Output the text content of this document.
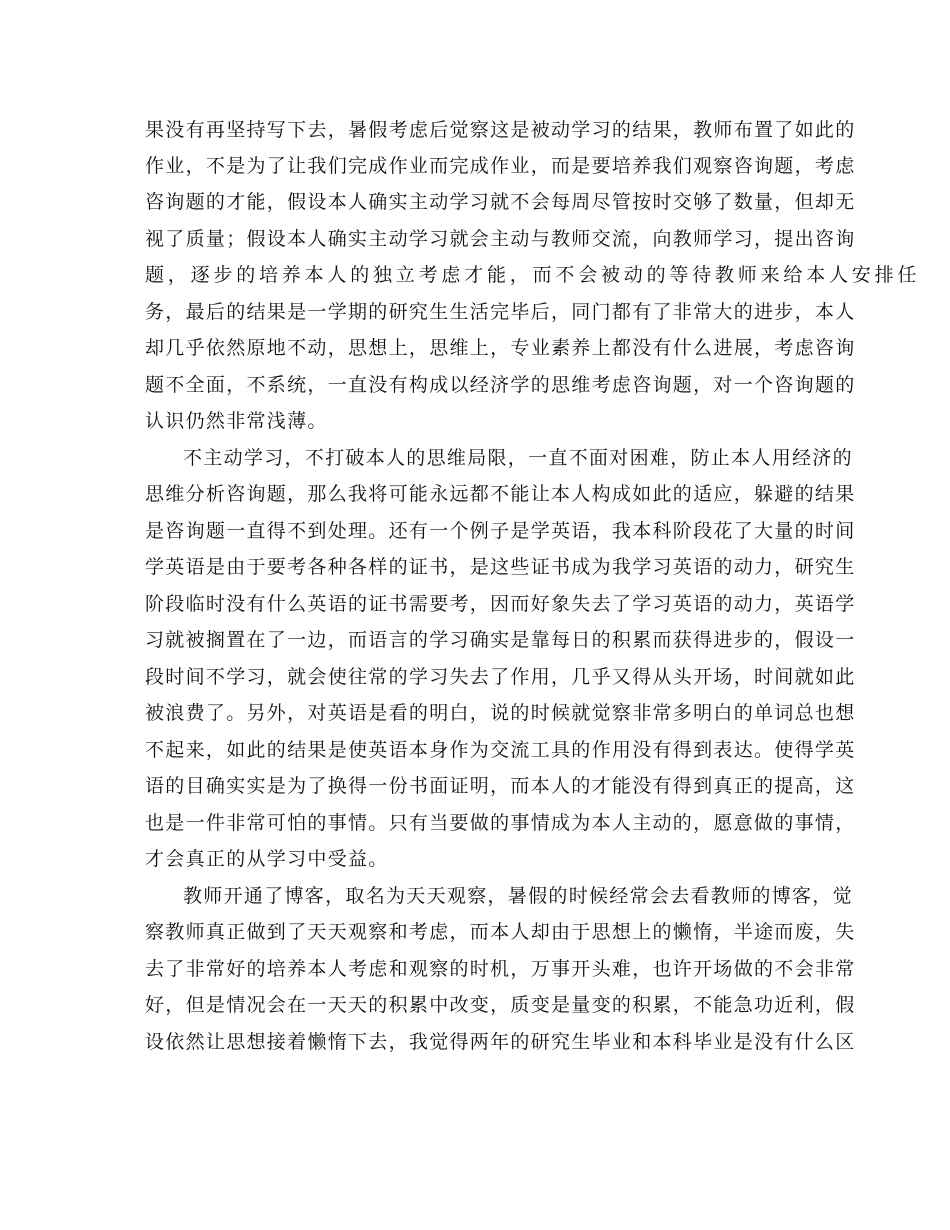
果没有再坚持写下去，暑假考虑后觉察这是被动学习的结果，教师布置了如此的
作业，不是为了让我们完成作业而完成作业，而是要培养我们观察咨询题，考虑
咨询题的才能，假设本人确实主动学习就不会每周尽管按时交够了数量，但却无
视了质量；假设本人确实主动学习就会主动与教师交流，向教师学习，提出咨询
题，逐步的培养本人的独立考虑才能，而不会被动的等待教师来给本人安排任
务，最后的结果是一学期的研究生生活完毕后，同门都有了非常大的进步，本人
却几乎依然原地不动，思想上，思维上，专业素养上都没有什么进展，考虑咨询
题不全面，不系统，一直没有构成以经济学的思维考虑咨询题，对一个咨询题的
认识仍然非常浅薄。
不主动学习，不打破本人的思维局限，一直不面对困难，防止本人用经济的
思维分析咨询题，那么我将可能永远都不能让本人构成如此的适应，躲避的结果
是咨询题一直得不到处理。还有一个例子是学英语，我本科阶段花了大量的时间
学英语是由于要考各种各样的证书，是这些证书成为我学习英语的动力，研究生
阶段临时没有什么英语的证书需要考，因而好象失去了学习英语的动力，英语学
习就被搁置在了一边，而语言的学习确实是靠每日的积累而获得进步的，假设一
段时间不学习，就会使往常的学习失去了作用，几乎又得从头开场，时间就如此
被浪费了。另外，对英语是看的明白，说的时候就觉察非常多明白的单词总也想
不起来，如此的结果是使英语本身作为交流工具的作用没有得到表达。使得学英
语的目确实实是为了换得一份书面证明，而本人的才能没有得到真正的提高，这
也是一件非常可怕的事情。只有当要做的事情成为本人主动的，愿意做的事情，
才会真正的从学习中受益。
教师开通了博客，取名为天天观察，暑假的时候经常会去看教师的博客，觉
察教师真正做到了天天观察和考虑，而本人却由于思想上的懒惰，半途而废，失
去了非常好的培养本人考虑和观察的时机，万事开头难，也许开场做的不会非常
好，但是情况会在一天天的积累中改变，质变是量变的积累，不能急功近利，假
设依然让思想接着懒惰下去，我觉得两年的研究生毕业和本科毕业是没有什么区
